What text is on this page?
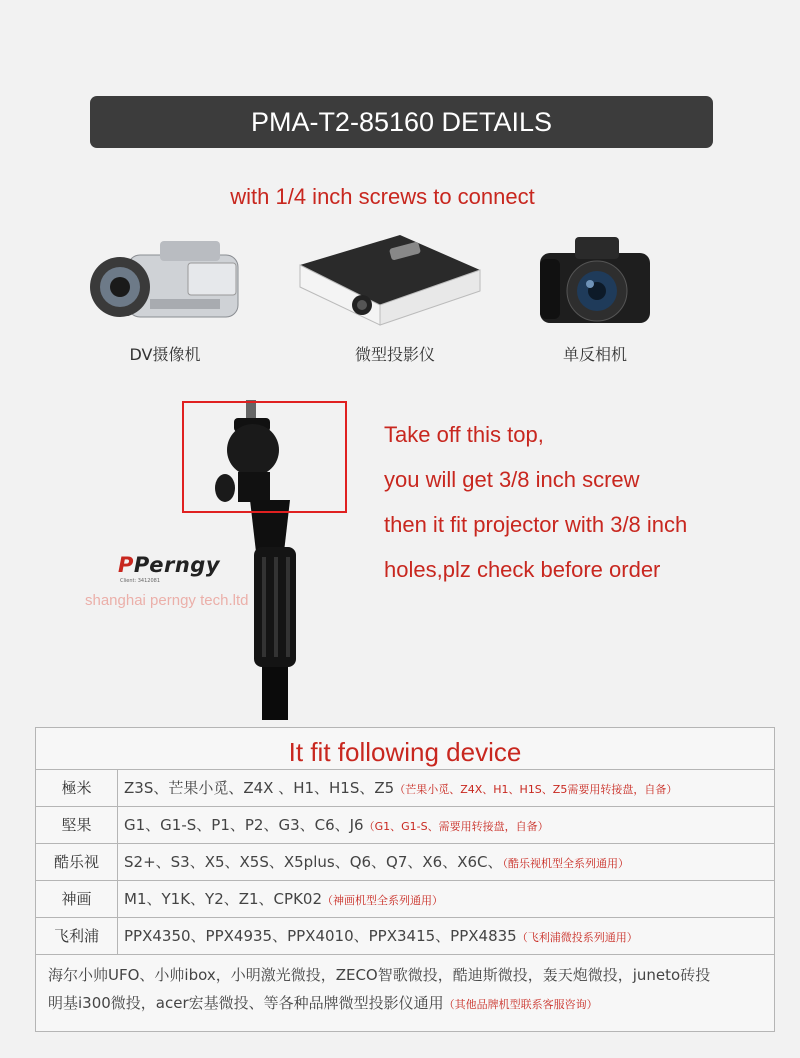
PMA-T2-85160 DETAILS
with 1/4 inch screws to connect
DV摄像机	微型投影仪	单反相机
PPerngy
Client: 3412081
shanghai perngy tech.ltd
Take off this top,
you will get 3/8 inch screw
then it fit projector with 3/8 inch
holes,plz check before order
It fit following device
極米	Z3S、芒果小觅、Z4X 、H1、H1S、Z5（芒果小觅、Z4X、H1、H1S、Z5需要用转接盘，自备）
堅果	G1、G1-S、P1、P2、G3、C6、J6（G1、G1-S、需要用转接盘，自备）
酷乐视	S2+、S3、X5、X5S、X5plus、Q6、Q7、X6、X6C、（酷乐视机型全系列通用）
神画	M1、Y1K、Y2、Z1、CPK02（神画机型全系列通用）
飞利浦	PPX4350、PPX4935、PPX4010、PPX3415、PPX4835（飞利浦微投系列通用）
海尔小帅UFO、小帅ibox，小明激光微投，ZECO智歌微投，酷迪斯微投，轰天炮微投，juneto砖投
明基i300微投，acer宏基微投、等各种品牌微型投影仪通用（其他品牌机型联系客服咨询）
